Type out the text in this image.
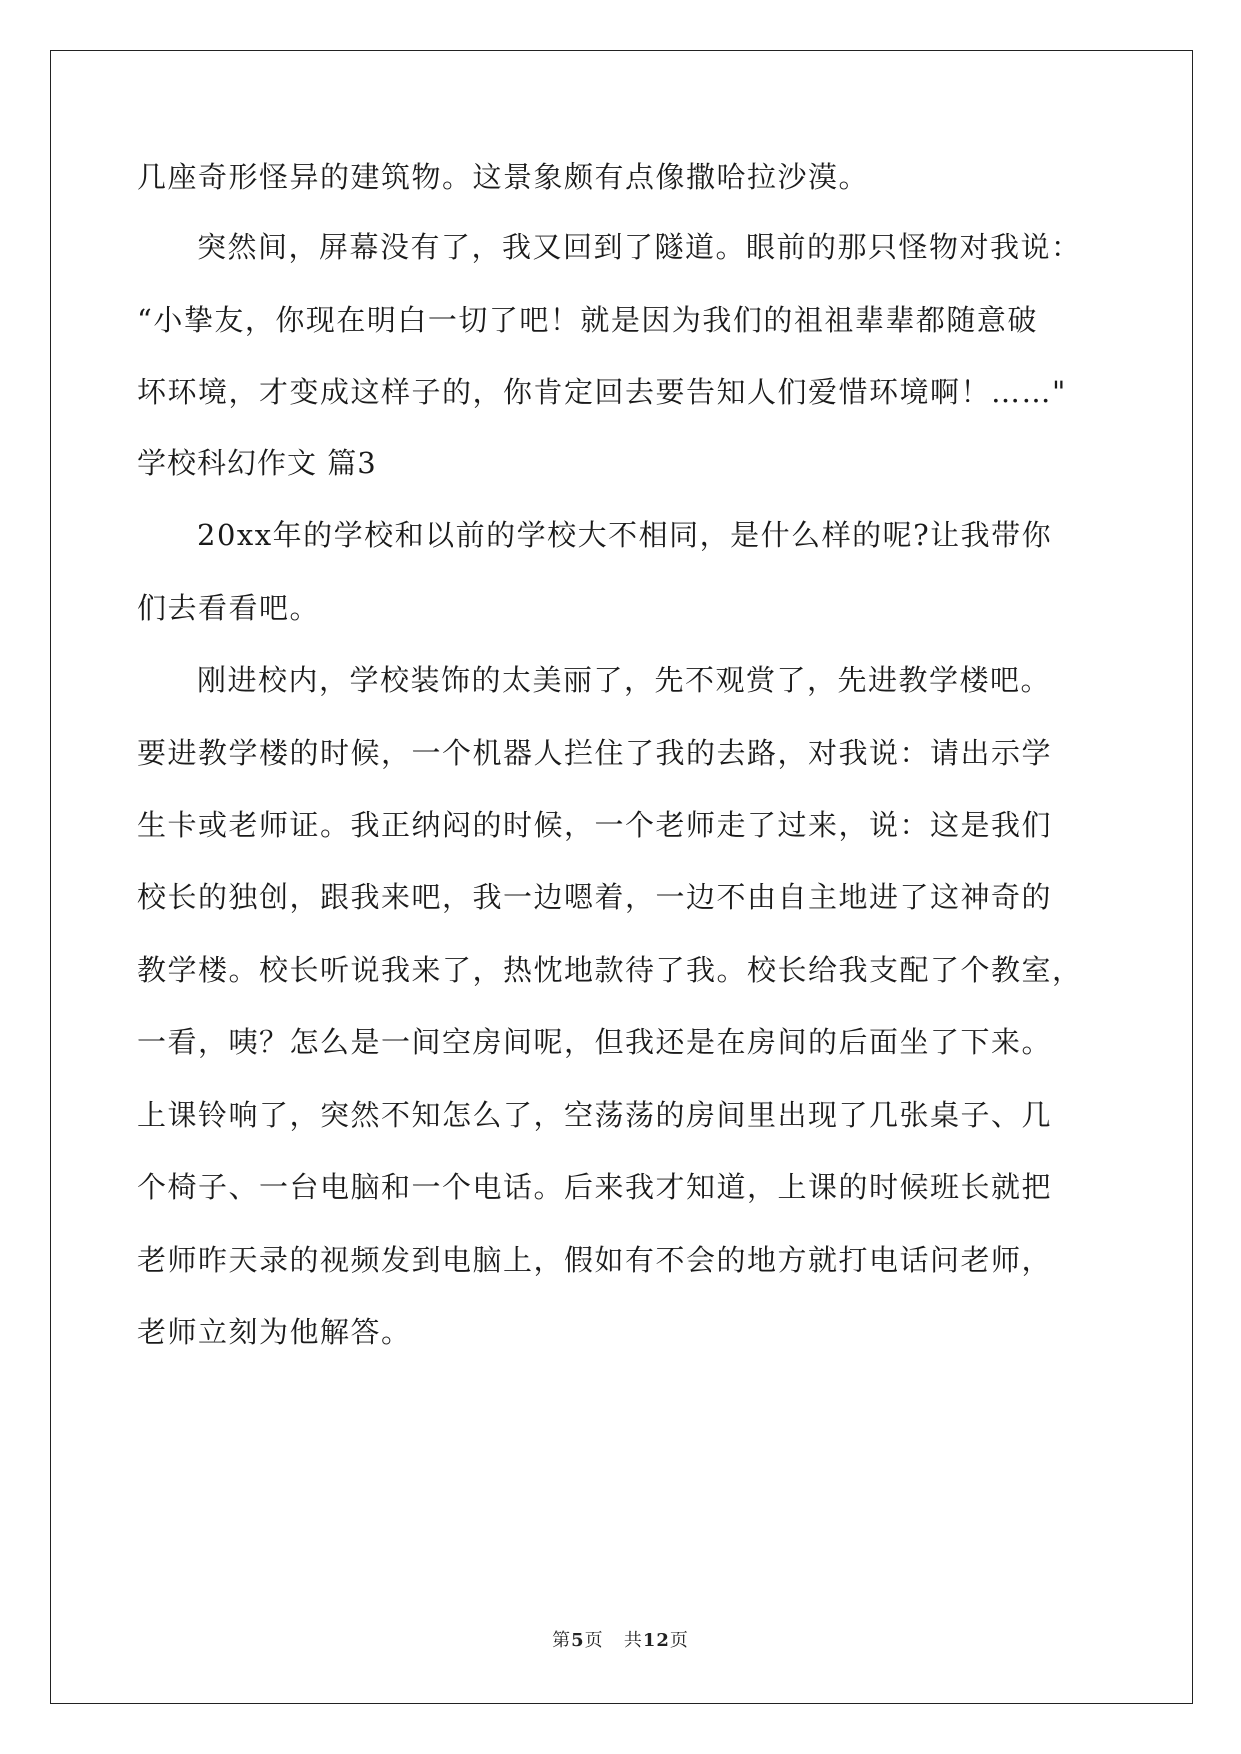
几座奇形怪异的建筑物。这景象颇有点像撒哈拉沙漠。

突然间，屏幕没有了，我又回到了隧道。眼前的那只怪物对我说：

“小挚友，你现在明白一切了吧！就是因为我们的祖祖辈辈都随意破

坏环境，才变成这样子的，你肯定回去要告知人们爱惜环境啊！……"

学校科幻作文 篇3

20xx年的学校和以前的学校大不相同，是什么样的呢?让我带你

们去看看吧。

刚进校内，学校装饰的太美丽了，先不观赏了，先进教学楼吧。

要进教学楼的时候，一个机器人拦住了我的去路，对我说：请出示学

生卡或老师证。我正纳闷的时候，一个老师走了过来，说：这是我们

校长的独创，跟我来吧，我一边嗯着，一边不由自主地进了这神奇的

教学楼。校长听说我来了，热忱地款待了我。校长给我支配了个教室，

一看，咦？怎么是一间空房间呢，但我还是在房间的后面坐了下来。

上课铃响了，突然不知怎么了，空荡荡的房间里出现了几张桌子、几

个椅子、一台电脑和一个电话。后来我才知道，上课的时候班长就把

老师昨天录的视频发到电脑上，假如有不会的地方就打电话问老师，

老师立刻为他解答。

第5页 共12页
